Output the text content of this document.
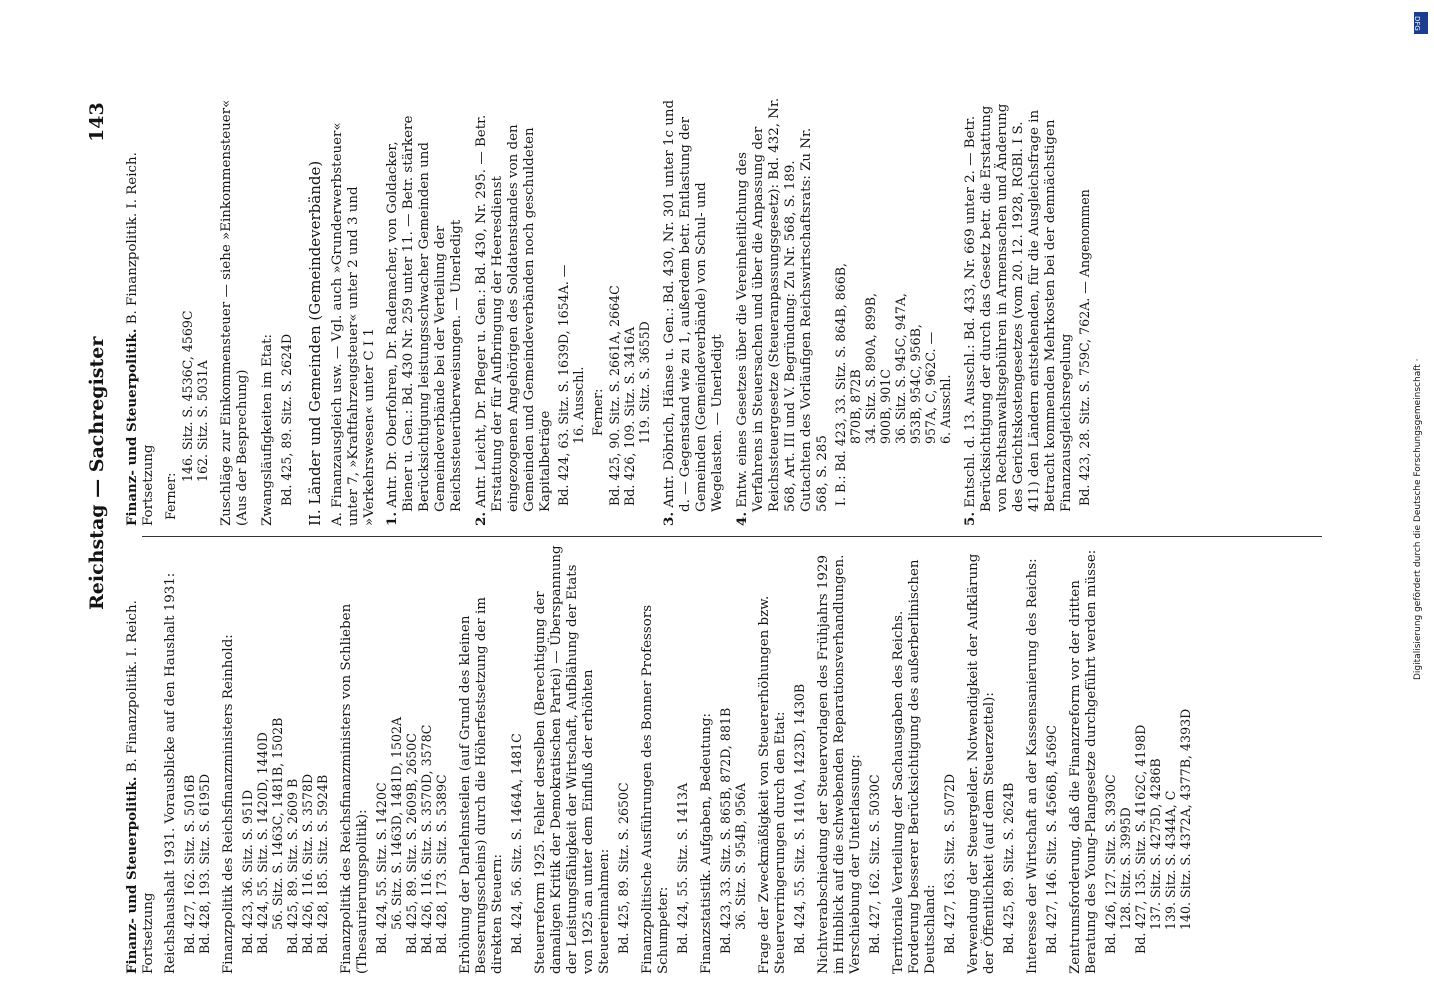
Reichstag — Sachregister
143

Finanz- und Steuerpolitik. B. Finanzpolitik. I. Reich. Fortsetzung Reichshaushalt 1931. Vorausblicke auf den Haushalt 1931: Bd. 427, 162. Sitz. S. 5016B Bd. 428, 193. Sitz. S. 6195D Finanzpolitik des Reichsfinanzministers Reinhold: Bd. 423, 36. Sitz. S. 951D Bd. 424, 55. Sitz. S. 1420D, 1440D 56. Sitz. S. 1463C, 1481B, 1502B Bd. 425, 89. Sitz. S. 2609 B Bd. 426, 116. Sitz. S. 3578D Bd. 428, 185. Sitz. S. 5924B Finanzpolitik des Reichsfinanzministers von Schlieben (Thesaurierungspolitik): Bd. 424, 55. Sitz. S. 1420C 56. Sitz. S. 1463D, 1481D, 1502A Bd. 425, 89. Sitz. S. 2609B, 2650C Bd. 426, 116. Sitz. S. 3570D, 3578C Bd. 428, 173. Sitz. S. 5389C Erhöhung der Darlehnsteilen (auf Grund des kleinen Besserungsscheins) durch die Höherfestsetzung der im direkten Steuern: Bd. 424, 56. Sitz. S. 1464A, 1481C Steuerreform 1925. Fehler derselben (Berechtigung der damaligen Kritik der Demokratischen Partei) — Überspannung der Leistungsfähigkeit der Wirtschaft, Aufblähung der Etats von 1925 an unter dem Einfluß der erhöhten Steuereinnahmen: Bd. 425, 89. Sitz. S. 2650C Finanzpolitische Ausführungen des Bonner Professors Schumpeter: Bd. 424, 55. Sitz. S. 1413A Finanzstatistik. Aufgaben, Bedeutung: Bd. 423, 33. Sitz. S. 865B, 872D, 881B 36. Sitz. S. 954B, 956A Frage der Zweckmäßigkeit von Steuererhöhungen bzw. Steuerverringerungen durch den Etat: Bd. 424, 55. Sitz. S. 1410A, 1423D, 1430B Nichtverabschiedung der Steuervorlagen des Frühjahrs 1929 im Hinblick auf die schwebenden Reparationsverhandlungen. Verschiebung der Unterlassung: Bd. 427, 162. Sitz. S. 5030C Territoriale Verteilung der Sachausgaben des Reichs. Forderung besserer Berücksichtigung des außerberlinischen Deutschland: Bd. 427, 163. Sitz. S. 5072D Verwendung der Steuergelder. Notwendigkeit der Aufklärung der Öffentlichkeit (auf dem Steuerzettel): Bd. 425, 89. Sitz. S. 2624B Interesse der Wirtschaft an der Kassensanierung des Reichs: Bd. 427, 146. Sitz. S. 4566B, 4569C Zentrumsforderung, daß die Finanzreform vor der dritten Beratung des Young-Plangesetze durchgeführt werden müsse: Bd. 426, 127. Sitz. S. 3930C 128. Sitz. S. 3995D Bd. 427, 135. Sitz. S. 4162C, 4198D 137. Sitz. S. 4275D, 4286B 139. Sitz. S. 4344A, C 140. Sitz. S. 4372A, 4377B, 4393D

Finanz- und Steuerpolitik. B. Finanzpolitik. I. Reich. Fortsetzung Ferner:

146. Sitz. S. 4536C, 4569C 162. Sitz. S. 5031A Zuschläge zur Einkommensteuer — siehe »Einkommensteuer« (Aus der Besprechung) Zwangsläufigkeiten im Etat: Bd. 425, 89. Sitz. S. 2624D II. Länder und Gemeinden (Gemeindeverbände) A. Finanzausgleich usw. — Vgl. auch »Grunderwerbsteuer« unter 7, »Kraftfahrzeugsteuer« unter 2 und 3 und »Verkehrswesen« unter C I 1 1. Antr. Dr. Oberfohren, Dr. Rademacher, von Goldacker, Biener u. Gen.: Bd. 430 Nr. 259 unter 11. — Betr. stärkere Berücksichtigung leistungsschwacher Gemeinden und Gemeindeverbände bei der Verteilung der Reichssteuerüberweisungen. — Unerledigt

2. Antr. Leicht, Dr. Pfleger u. Gen.: Bd. 430, Nr. 295. — Betr. Erstattung der für Aufbringung der Heeresdienst eingezogenen Angehörigen des Soldatenstandes von den Gemeinden und Gemeindeverbänden noch geschuldeten Kapitalbeträge Bd. 424, 63. Sitz. S. 1639D, 1654A. — 16. Ausschl. Ferner: Bd. 425, 90. Sitz. S. 2661A, 2664C Bd. 426, 109. Sitz. S. 3416A 119. Sitz. S. 3655D

3. Antr. Döbrich, Hänse u. Gen.: Bd. 430, Nr. 301 unter 1c und d. — Gegenstand wie zu 1, außerdem betr. Entlastung der Gemeinden (Gemeindeverbände) von Schul- und Wegelasten. — Unerledigt

4. Entw. eines Gesetzes über die Vereinheitlichung des Verfahrens in Steuersachen und über die Anpassung der Reichssteuergesetze (Steueranpassungsgesetz): Bd. 432, Nr. 568, Art. III und V. Begründung: Zu Nr. 568, S. 189. Gutachten des Vorläufigen Reichswirtschaftsrats: Zu Nr. 568, S. 285 I. B.: Bd. 423, 33. Sitz. S. 864B, 866B, 870B, 872B 34. Sitz. S. 890A, 899B, 900B, 901C 36. Sitz. S. 945C, 947A, 953B, 954C, 956B, 957A, C, 962C. — 6. Ausschl.

5. Entschl. d. 13. Ausschl.: Bd. 433, Nr. 669 unter 2. — Betr. Berücksichtigung der durch das Gesetz betr. die Erstattung von Rechtsanwaltsgebühren in Armensachen und Änderung des Gerichtskostengesetzes (vom 20. 12. 1928, RGBl. I S. 411) den Ländern entstehenden, für die Ausgleichsfrage in Betracht kommenden Mehrkosten bei der demnächstigen Finanzausgleichsregelung Bd. 423, 28. Sitz. S. 759C, 762A. — Angenommen

DFG
Digitalisierung gefördert durch die Deutsche Forschungsgemeinschaft ·
